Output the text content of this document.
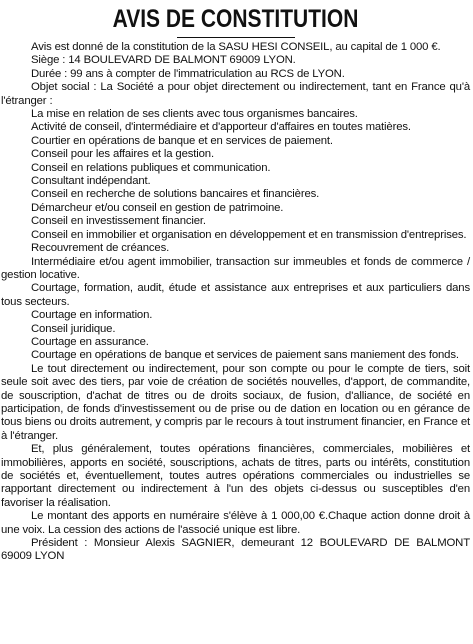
AVIS DE CONSTITUTION

Avis est donné de la constitution de la SASU HESI CONSEIL, au capital de 1 000 €.

Siège : 14 BOULEVARD DE BALMONT 69009 LYON.

Durée : 99 ans à compter de l'immatriculation au RCS de LYON.

Objet social : La Société a pour objet directement ou indirectement, tant en France qu'à l'étranger :

La mise en relation de ses clients avec tous organismes bancaires.

Activité de conseil, d'intermédiaire et d'apporteur d'affaires en toutes matières.

Courtier en opérations de banque et en services de paiement.

Conseil pour les affaires et la gestion.

Conseil en relations publiques et communication.

Consultant indépendant.

Conseil en recherche de solutions bancaires et financières.

Démarcheur et/ou conseil en gestion de patrimoine.

Conseil en investissement financier.

Conseil en immobilier et organisation en développement et en transmission d'entreprises.

Recouvrement de créances.

Intermédiaire et/ou agent immobilier, transaction sur immeubles et fonds de commerce / gestion locative.

Courtage, formation, audit, étude et assistance aux entreprises et aux particuliers dans tous secteurs.

Courtage en information.

Conseil juridique.

Courtage en assurance.

Courtage en opérations de banque et services de paiement sans maniement des fonds.

Le tout directement ou indirectement, pour son compte ou pour le compte de tiers, soit seule soit avec des tiers, par voie de création de sociétés nouvelles, d'apport, de commandite, de souscription, d'achat de titres ou de droits sociaux, de fusion, d'alliance, de société en participation, de fonds d'investissement ou de prise ou de dation en location ou en gérance de tous biens ou droits autrement, y compris par le recours à tout instrument financier, en France et à l'étranger.

Et, plus généralement, toutes opérations financières, commerciales, mobilières et immobilières, apports en société, souscriptions, achats de titres, parts ou intérêts, constitution de sociétés et, éventuellement, toutes autres opérations commerciales ou industrielles se rapportant directement ou indirectement à l'un des objets ci-dessus ou susceptibles d'en favoriser la réalisation.

Le montant des apports en numéraire s'élève à 1 000,00 €.Chaque action donne droit à une voix. La cession des actions de l'associé unique est libre.

Président : Monsieur Alexis SAGNIER, demeurant 12 BOULEVARD DE BALMONT 69009 LYON
